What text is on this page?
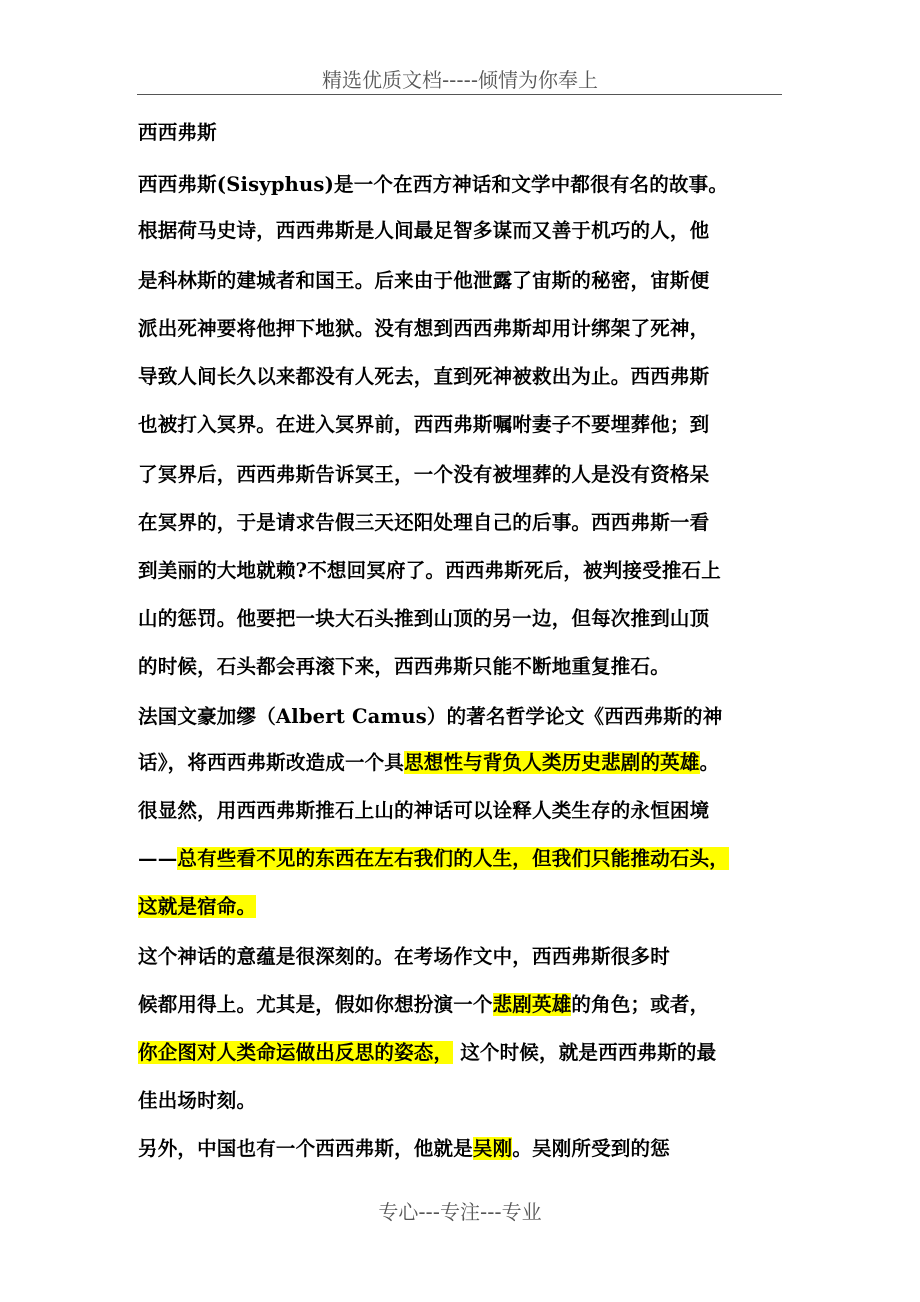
精选优质文档-----倾情为你奉上
西西弗斯
西西弗斯(Sisyphus)是一个在西方神话和文学中都很有名的故事。
根据荷马史诗，西西弗斯是人间最足智多谋而又善于机巧的人，他
是科林斯的建城者和国王。后来由于他泄露了宙斯的秘密，宙斯便
派出死神要将他押下地狱。没有想到西西弗斯却用计绑架了死神，
导致人间长久以来都没有人死去，直到死神被救出为止。西西弗斯
也被打入冥界。在进入冥界前，西西弗斯嘱咐妻子不要埋葬他；到
了冥界后，西西弗斯告诉冥王，一个没有被埋葬的人是没有资格呆
在冥界的，于是请求告假三天还阳处理自己的后事。西西弗斯一看
到美丽的大地就赖?不想回冥府了。西西弗斯死后，被判接受推石上
山的惩罚。他要把一块大石头推到山顶的另一边，但每次推到山顶
的时候，石头都会再滚下来，西西弗斯只能不断地重复推石。
法国文豪加缪（Albert Camus）的著名哲学论文《西西弗斯的神
话》，将西西弗斯改造成一个具思想性与背负人类历史悲剧的英雄。
很显然，用西西弗斯推石上山的神话可以诠释人类生存的永恒困境
——总有些看不见的东西在左右我们的人生，但我们只能推动石头，
这就是宿命。
这个神话的意蕴是很深刻的。在考场作文中，西西弗斯很多时
候都用得上。尤其是，假如你想扮演一个悲剧英雄的角色；或者，
你企图对人类命运做出反思的姿态， 这个时候，就是西西弗斯的最
佳出场时刻。
另外，中国也有一个西西弗斯，他就是吴刚。吴刚所受到的惩
专心---专注---专业
